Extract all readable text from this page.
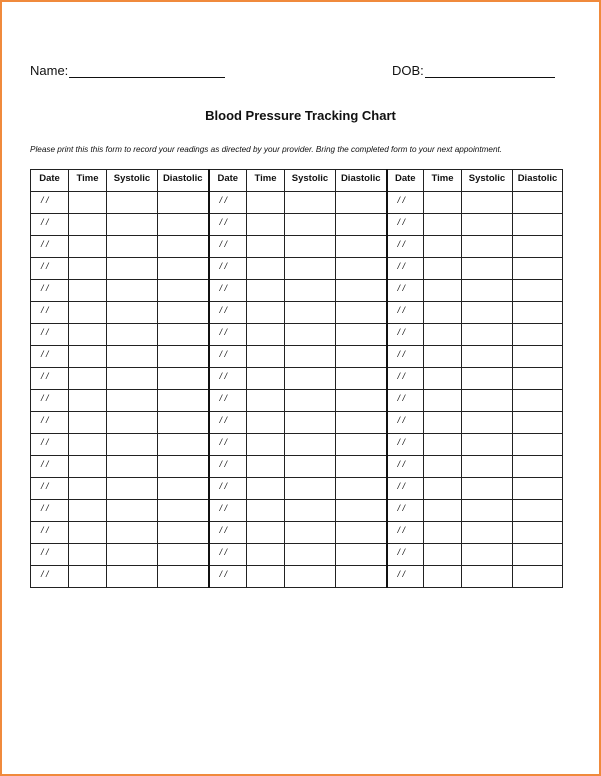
Name:	DOB:
Blood Pressure Tracking Chart
Please print this this form to record your readings as directed by your provider. Bring the completed form to your next appointment.
Date	Time	Systolic	Diastolic	Date	Time	Systolic	Diastolic	Date	Time	Systolic	Diastolic
/ /				/ /				/ /			
/ /				/ /				/ /			
/ /				/ /				/ /			
/ /				/ /				/ /			
/ /				/ /				/ /			
/ /				/ /				/ /			
/ /				/ /				/ /			
/ /				/ /				/ /			
/ /				/ /				/ /			
/ /				/ /				/ /			
/ /				/ /				/ /			
/ /				/ /				/ /			
/ /				/ /				/ /			
/ /				/ /				/ /			
/ /				/ /				/ /			
/ /				/ /				/ /			
/ /				/ /				/ /			
/ /				/ /				/ /			
